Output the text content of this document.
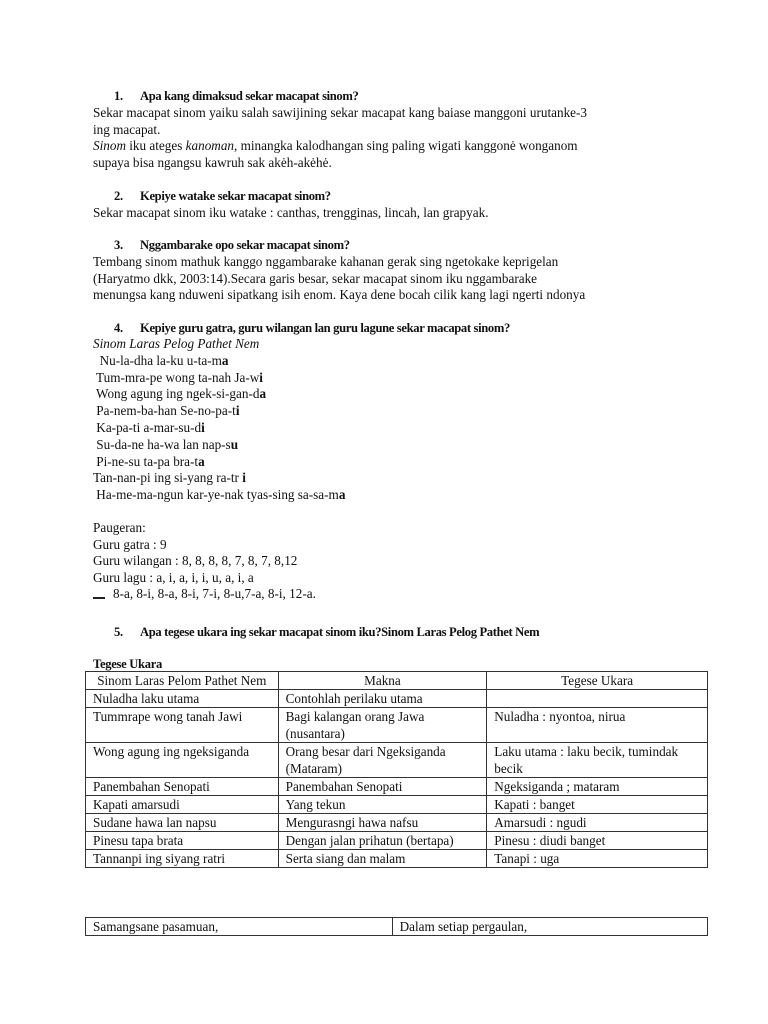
1.	Apa kang dimaksud sekar macapat sinom?
Sekar macapat sinom yaiku salah sawijining sekar macapat kang baiase manggoni urutanke-3
ing macapat.
Sinom iku ateges kanoman, minangka kalodhangan sing paling wigati kanggonė wonganom
supaya bisa ngangsu kawruh sak akėh-akėhė.
2.	Kepiye watake sekar macapat sinom?
Sekar macapat sinom iku watake : canthas, trengginas, lincah, lan grapyak.
3.	Nggambarake opo sekar macapat sinom?
Tembang sinom mathuk kanggo nggambarake kahanan gerak sing ngetokake keprigelan
(Haryatmo dkk, 2003:14).Secara garis besar, sekar macapat sinom iku nggambarake
menungsa kang nduweni sipatkang isih enom. Kaya dene bocah cilik kang lagi ngerti ndonya
4.	Kepiye guru gatra, guru wilangan lan guru lagune sekar macapat sinom?
Sinom Laras Pelog Pathet Nem
Nu-la-dha la-ku u-ta-ma
Tum-mra-pe wong ta-nah Ja-wi
Wong agung ing ngek-si-gan-da
Pa-nem-ba-han Se-no-pa-ti
Ka-pa-ti a-mar-su-di
Su-da-ne ha-wa lan nap-su
Pi-ne-su ta-pa bra-ta
Tan-nan-pi ing si-yang ra-tr i
Ha-me-ma-ngun kar-ye-nak tyas-sing sa-sa-ma
Paugeran:
Guru gatra : 9
Guru wilangan : 8, 8, 8, 8, 7, 8, 7, 8,12
Guru lagu : a, i, a, i, i, u, a, i, a
8-a, 8-i, 8-a, 8-i, 7-i, 8-u,7-a, 8-i, 12-a.
5.	Apa tegese ukara ing sekar macapat sinom iku?Sinom Laras Pelog Pathet Nem
Tegese Ukara
Sinom Laras Pelom Pathet Nem	Makna	Tegese Ukara
Nuladha laku utama	Contohlah perilaku utama	
Tummrape wong tanah Jawi	Bagi kalangan orang Jawa (nusantara)	Nuladha : nyontoa, nirua
Wong agung ing ngeksiganda	Orang besar dari Ngeksiganda (Mataram)	Laku utama : laku becik, tumindak becik
Panembahan Senopati	Panembahan Senopati	Ngeksiganda ; mataram
Kapati amarsudi	Yang tekun	Kapati : banget
Sudane hawa lan napsu	Mengurasngi hawa nafsu	Amarsudi : ngudi
Pinesu tapa brata	Dengan jalan prihatun (bertapa)	Pinesu : diudi banget
Tannanpi ing siyang ratri	Serta siang dan malam	Tanapi : uga
Samangsane pasamuan,	Dalam setiap pergaulan,
